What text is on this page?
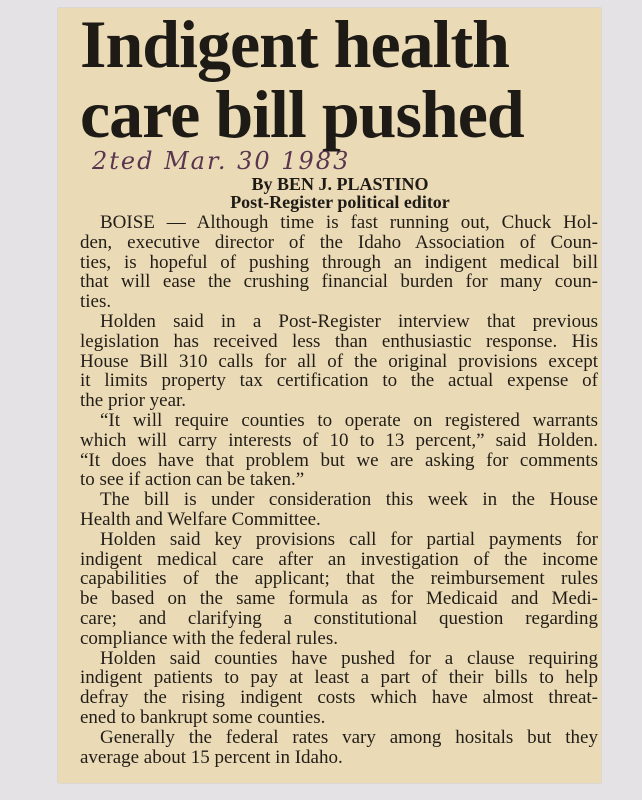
Indigent health
care bill pushed
2ted Mar. 30 1983
By BEN J. PLASTINO
Post-Register political editor
BOISE — Although time is fast running out, Chuck Hol-
den, executive director of the Idaho Association of Coun-
ties, is hopeful of pushing through an indigent medical bill
that will ease the crushing financial burden for many coun-
ties.
Holden said in a Post-Register interview that previous
legislation has received less than enthusiastic response. His
House Bill 310 calls for all of the original provisions except
it limits property tax certification to the actual expense of
the prior year.
“It will require counties to operate on registered warrants
which will carry interests of 10 to 13 percent,” said Holden.
“It does have that problem but we are asking for comments
to see if action can be taken.”
The bill is under consideration this week in the House
Health and Welfare Committee.
Holden said key provisions call for partial payments for
indigent medical care after an investigation of the income
capabilities of the applicant; that the reimbursement rules
be based on the same formula as for Medicaid and Medi-
care; and clarifying a constitutional question regarding
compliance with the federal rules.
Holden said counties have pushed for a clause requiring
indigent patients to pay at least a part of their bills to help
defray the rising indigent costs which have almost threat-
ened to bankrupt some counties.
Generally the federal rates vary among hositals but they
average about 15 percent in Idaho.
